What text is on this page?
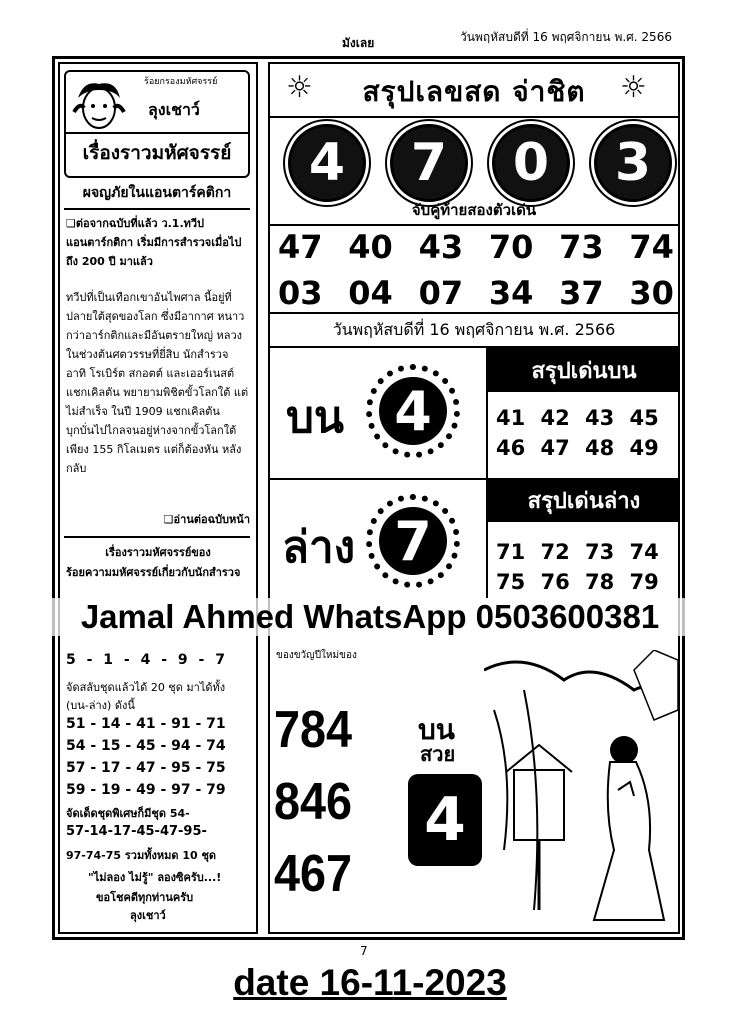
มังเลย	วันพฤหัสบดีที่ 16 พฤศจิกายน พ.ศ. 2566
ร้อยกรองมหัศจรรย์
ลุงเชาว์
เรื่องราวมหัศจรรย์
ผจญภัยในแอนตาร์คติกา
❏ต่อจากฉบับที่แล้ว ว.1.ทวีปแอนตาร์กติกา เริ่มมีการสำรวจเมื่อไปถึง 200 ปี มาแล้ว
ทวีปที่เป็นเทือกเขาอันไพศาล นี้อยู่ที่ปลายใต้สุดของโลก ซึ่งมีอากาศ หนาวกว่าอาร์กติกและมีอันตรายใหญ่ หลวง ในช่วงต้นศตวรรษที่ยี่สิบ นักสำรวจ อาทิ โรเบิร์ต สกอตต์ และเออร์เนสต์ แชกเคิลตัน พยายามพิชิตขั้วโลกใต้ แต่ไม่สำเร็จ ในปี 1909 แชกเคิลตัน บุกบั่นไปไกลจนอยู่ห่างจากขั้วโลกใต้ เพียง 155 กิโลเมตร แต่ก็ต้องหัน หลังกลับ
❏อ่านต่อฉบับหน้า
เรื่องราวมหัศจรรย์ของ
ร้อยความมหัศจรรย์เกี่ยวกับนักสำรวจ
5 - 1 - 4 - 9 - 7
จัดสลับชุดแล้วได้ 20 ชุด มาได้ทั้ง
(บน-ล่าง) ดังนี้
51 - 14 - 41 - 91 - 71
54 - 15 - 45 - 94 - 74
57 - 17 - 47 - 95 - 75
59 - 19 - 49 - 97 - 79
จัดเด็ดชุดพิเศษก็มีชุด 54-
57-14-17-45-47-95-
97-74-75 รวมทั้งหมด 10 ชุด
"ไม่ลอง ไม่รู้" ลองซิครับ...!
ขอโชคดีทุกท่านครับ
ลุงเชาว์
☼	☼
สรุปเลขสด จ่าชิต
4	7	0	3
จับคู่ท้ายสองตัวเด่น
47 40 43 70 73 74
03 04 07 34 37 30
วันพฤหัสบดีที่ 16 พฤศจิกายน พ.ศ. 2566
บน 4
สรุปเด่นบน
41 42 43 45
46 47 48 49
ล่าง 7
สรุปเด่นล่าง
71 72 73 74
75 76 78 79
Jamal Ahmed WhatsApp 0503600381
ของขวัญปีใหม่ของ
784
846
467
บน
สวย
4
7
date 16-11-2023
